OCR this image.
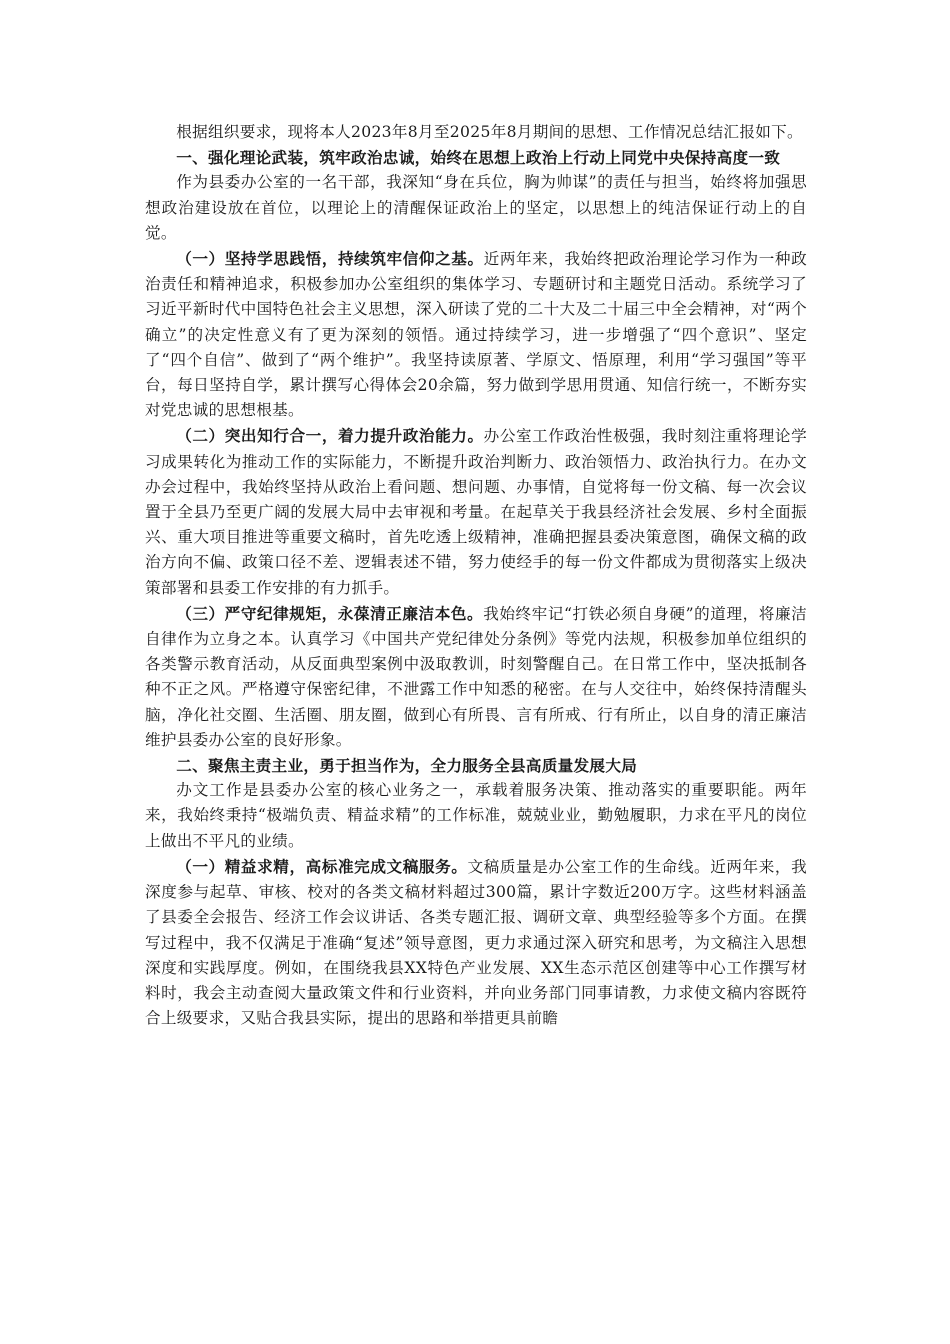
根据组织要求，现将本人2023年8月至2025年8月期间的思想、工作情况总结汇报如下。

一、强化理论武装，筑牢政治忠诚，始终在思想上政治上行动上同党中央保持高度一致

作为县委办公室的一名干部，我深知“身在兵位，胸为帅谋”的责任与担当，始终将加强思想政治建设放在首位，以理论上的清醒保证政治上的坚定，以思想上的纯洁保证行动上的自觉。

（一）坚持学思践悟，持续筑牢信仰之基。近两年来，我始终把政治理论学习作为一种政治责任和精神追求，积极参加办公室组织的集体学习、专题研讨和主题党日活动。系统学习了习近平新时代中国特色社会主义思想，深入研读了党的二十大及二十届三中全会精神，对“两个确立”的决定性意义有了更为深刻的领悟。通过持续学习，进一步增强了“四个意识”、坚定了“四个自信”、做到了“两个维护”。我坚持读原著、学原文、悟原理，利用“学习强国”等平台，每日坚持自学，累计撰写心得体会20余篇，努力做到学思用贯通、知信行统一，不断夯实对党忠诚的思想根基。

（二）突出知行合一，着力提升政治能力。办公室工作政治性极强，我时刻注重将理论学习成果转化为推动工作的实际能力，不断提升政治判断力、政治领悟力、政治执行力。在办文办会过程中，我始终坚持从政治上看问题、想问题、办事情，自觉将每一份文稿、每一次会议置于全县乃至更广阔的发展大局中去审视和考量。在起草关于我县经济社会发展、乡村全面振兴、重大项目推进等重要文稿时，首先吃透上级精神，准确把握县委决策意图，确保文稿的政治方向不偏、政策口径不差、逻辑表述不错，努力使经手的每一份文件都成为贯彻落实上级决策部署和县委工作安排的有力抓手。

（三）严守纪律规矩，永葆清正廉洁本色。我始终牢记“打铁必须自身硬”的道理，将廉洁自律作为立身之本。认真学习《中国共产党纪律处分条例》等党内法规，积极参加单位组织的各类警示教育活动，从反面典型案例中汲取教训，时刻警醒自己。在日常工作中，坚决抵制各种不正之风。严格遵守保密纪律，不泄露工作中知悉的秘密。在与人交往中，始终保持清醒头脑，净化社交圈、生活圈、朋友圈，做到心有所畏、言有所戒、行有所止，以自身的清正廉洁维护县委办公室的良好形象。

二、聚焦主责主业，勇于担当作为，全力服务全县高质量发展大局

办文工作是县委办公室的核心业务之一，承载着服务决策、推动落实的重要职能。两年来，我始终秉持“极端负责、精益求精”的工作标准，兢兢业业，勤勉履职，力求在平凡的岗位上做出不平凡的业绩。

（一）精益求精，高标准完成文稿服务。文稿质量是办公室工作的生命线。近两年来，我深度参与起草、审核、校对的各类文稿材料超过300篇，累计字数近200万字。这些材料涵盖了县委全会报告、经济工作会议讲话、各类专题汇报、调研文章、典型经验等多个方面。在撰写过程中，我不仅满足于准确“复述”领导意图，更力求通过深入研究和思考，为文稿注入思想深度和实践厚度。例如，在围绕我县XX特色产业发展、XX生态示范区创建等中心工作撰写材料时，我会主动查阅大量政策文件和行业资料，并向业务部门同事请教，力求使文稿内容既符合上级要求，又贴合我县实际，提出的思路和举措更具前瞻
